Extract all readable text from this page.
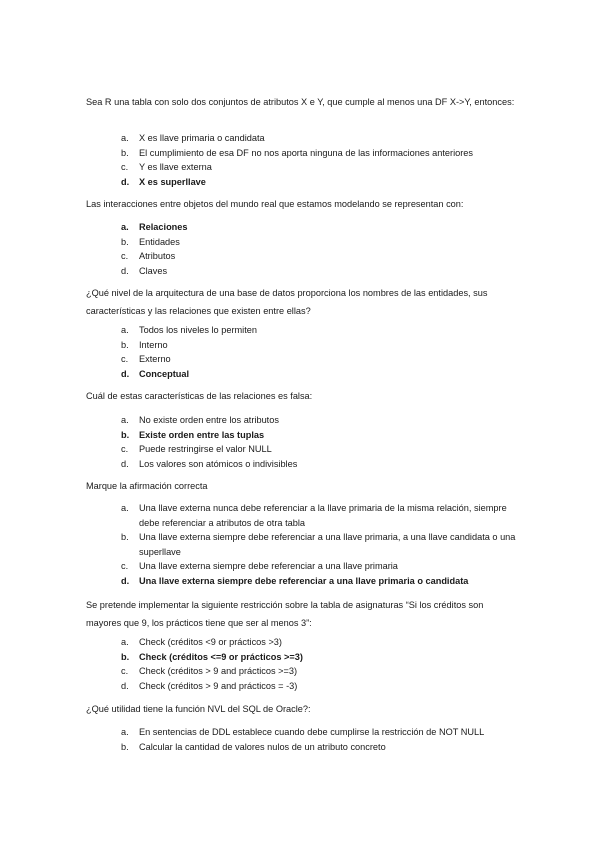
Sea R una tabla con solo dos conjuntos de atributos X e Y, que cumple al menos una DF X->Y, entonces:
a. X es llave primaria o candidata
b. El cumplimiento de esa DF no nos aporta ninguna de las informaciones anteriores
c. Y es llave externa
d. X es superllave
Las interacciones entre objetos del mundo real que estamos modelando se representan con:
a. Relaciones
b. Entidades
c. Atributos
d. Claves
¿Qué nivel de la arquitectura de una base de datos proporciona los nombres de las entidades, sus características y las relaciones que existen entre ellas?
a. Todos los niveles lo permiten
b. Interno
c. Externo
d. Conceptual
Cuál de estas características de las relaciones es falsa:
a. No existe orden entre los atributos
b. Existe orden entre las tuplas
c. Puede restringirse el valor NULL
d. Los valores son atómicos o indivisibles
Marque la afirmación correcta
a. Una llave externa nunca debe referenciar a la llave primaria de la misma relación, siempre debe referenciar a atributos de otra tabla
b. Una llave externa siempre debe referenciar a una llave primaria, a una llave candidata o una superllave
c. Una llave externa siempre debe referenciar a una llave primaria
d. Una llave externa siempre debe referenciar a una llave primaria o candidata
Se pretende implementar la siguiente restricción sobre la tabla de asignaturas “Si los créditos son mayores que 9, los prácticos tiene que ser al menos 3”:
a. Check (créditos <9 or prácticos >3)
b. Check (créditos <=9 or prácticos >=3)
c. Check (créditos > 9 and prácticos >=3)
d. Check (créditos > 9 and prácticos = -3)
¿Qué utilidad tiene la función NVL del SQL de Oracle?:
a. En sentencias de DDL establece cuando debe cumplirse la restricción de NOT NULL
b. Calcular la cantidad de valores nulos de un atributo concreto
